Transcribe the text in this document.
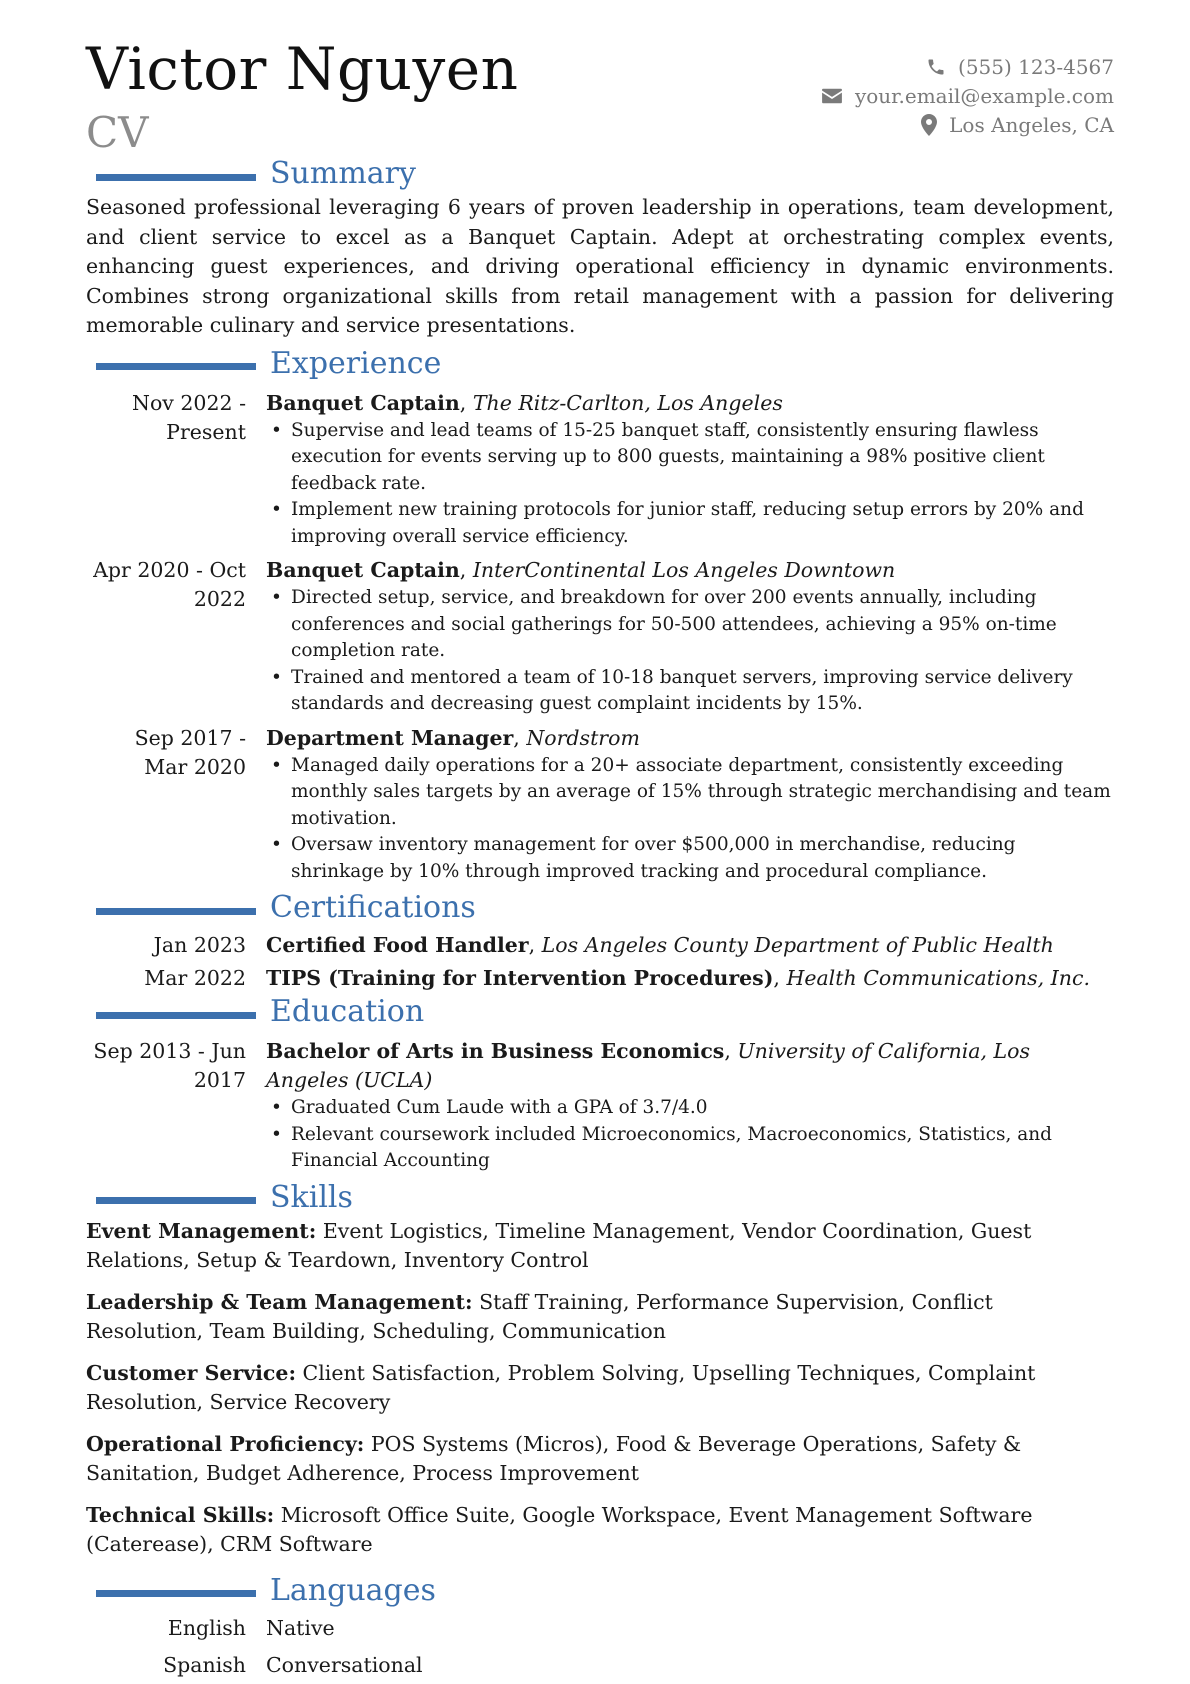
Victor Nguyen
CV
(555) 123-4567
your.email@example.com
Los Angeles, CA
Summary

Seasoned professional leveraging 6 years of proven leadership in operations, team development, and client service to excel as a Banquet Captain. Adept at orchestrating complex events, enhancing guest experiences, and driving operational efficiency in dynamic environments. Combines strong organizational skills from retail management with a passion for delivering memorable culinary and service presentations.

Experience
Nov 2022 - Present
Banquet Captain, The Ritz-Carlton, Los Angeles
• Supervise and lead teams of 15-25 banquet staff, consistently ensuring flawless execution for events serving up to 800 guests, maintaining a 98% positive client feedback rate.
• Implement new training protocols for junior staff, reducing setup errors by 20% and improving overall service efficiency.
Apr 2020 - Oct 2022
Banquet Captain, InterContinental Los Angeles Downtown
• Directed setup, service, and breakdown for over 200 events annually, including conferences and social gatherings for 50-500 attendees, achieving a 95% on-time completion rate.
• Trained and mentored a team of 10-18 banquet servers, improving service delivery standards and decreasing guest complaint incidents by 15%.
Sep 2017 - Mar 2020
Department Manager, Nordstrom
• Managed daily operations for a 20+ associate department, consistently exceeding monthly sales targets by an average of 15% through strategic merchandising and team motivation.
• Oversaw inventory management for over $500,000 in merchandise, reducing shrinkage by 10% through improved tracking and procedural compliance.
Certifications
Jan 2023 Certified Food Handler, Los Angeles County Department of Public Health
Mar 2022 TIPS (Training for Intervention Procedures), Health Communications, Inc.
Education
Sep 2013 - Jun 2017
Bachelor of Arts in Business Economics, University of California, Los Angeles (UCLA)
• Graduated Cum Laude with a GPA of 3.7/4.0
• Relevant coursework included Microeconomics, Macroeconomics, Statistics, and Financial Accounting
Skills
Event Management: Event Logistics, Timeline Management, Vendor Coordination, Guest Relations, Setup & Teardown, Inventory Control
Leadership & Team Management: Staff Training, Performance Supervision, Conflict Resolution, Team Building, Scheduling, Communication
Customer Service: Client Satisfaction, Problem Solving, Upselling Techniques, Complaint Resolution, Service Recovery
Operational Proficiency: POS Systems (Micros), Food & Beverage Operations, Safety & Sanitation, Budget Adherence, Process Improvement
Technical Skills: Microsoft Office Suite, Google Workspace, Event Management Software (Caterease), CRM Software
Languages
English Native
Spanish Conversational
